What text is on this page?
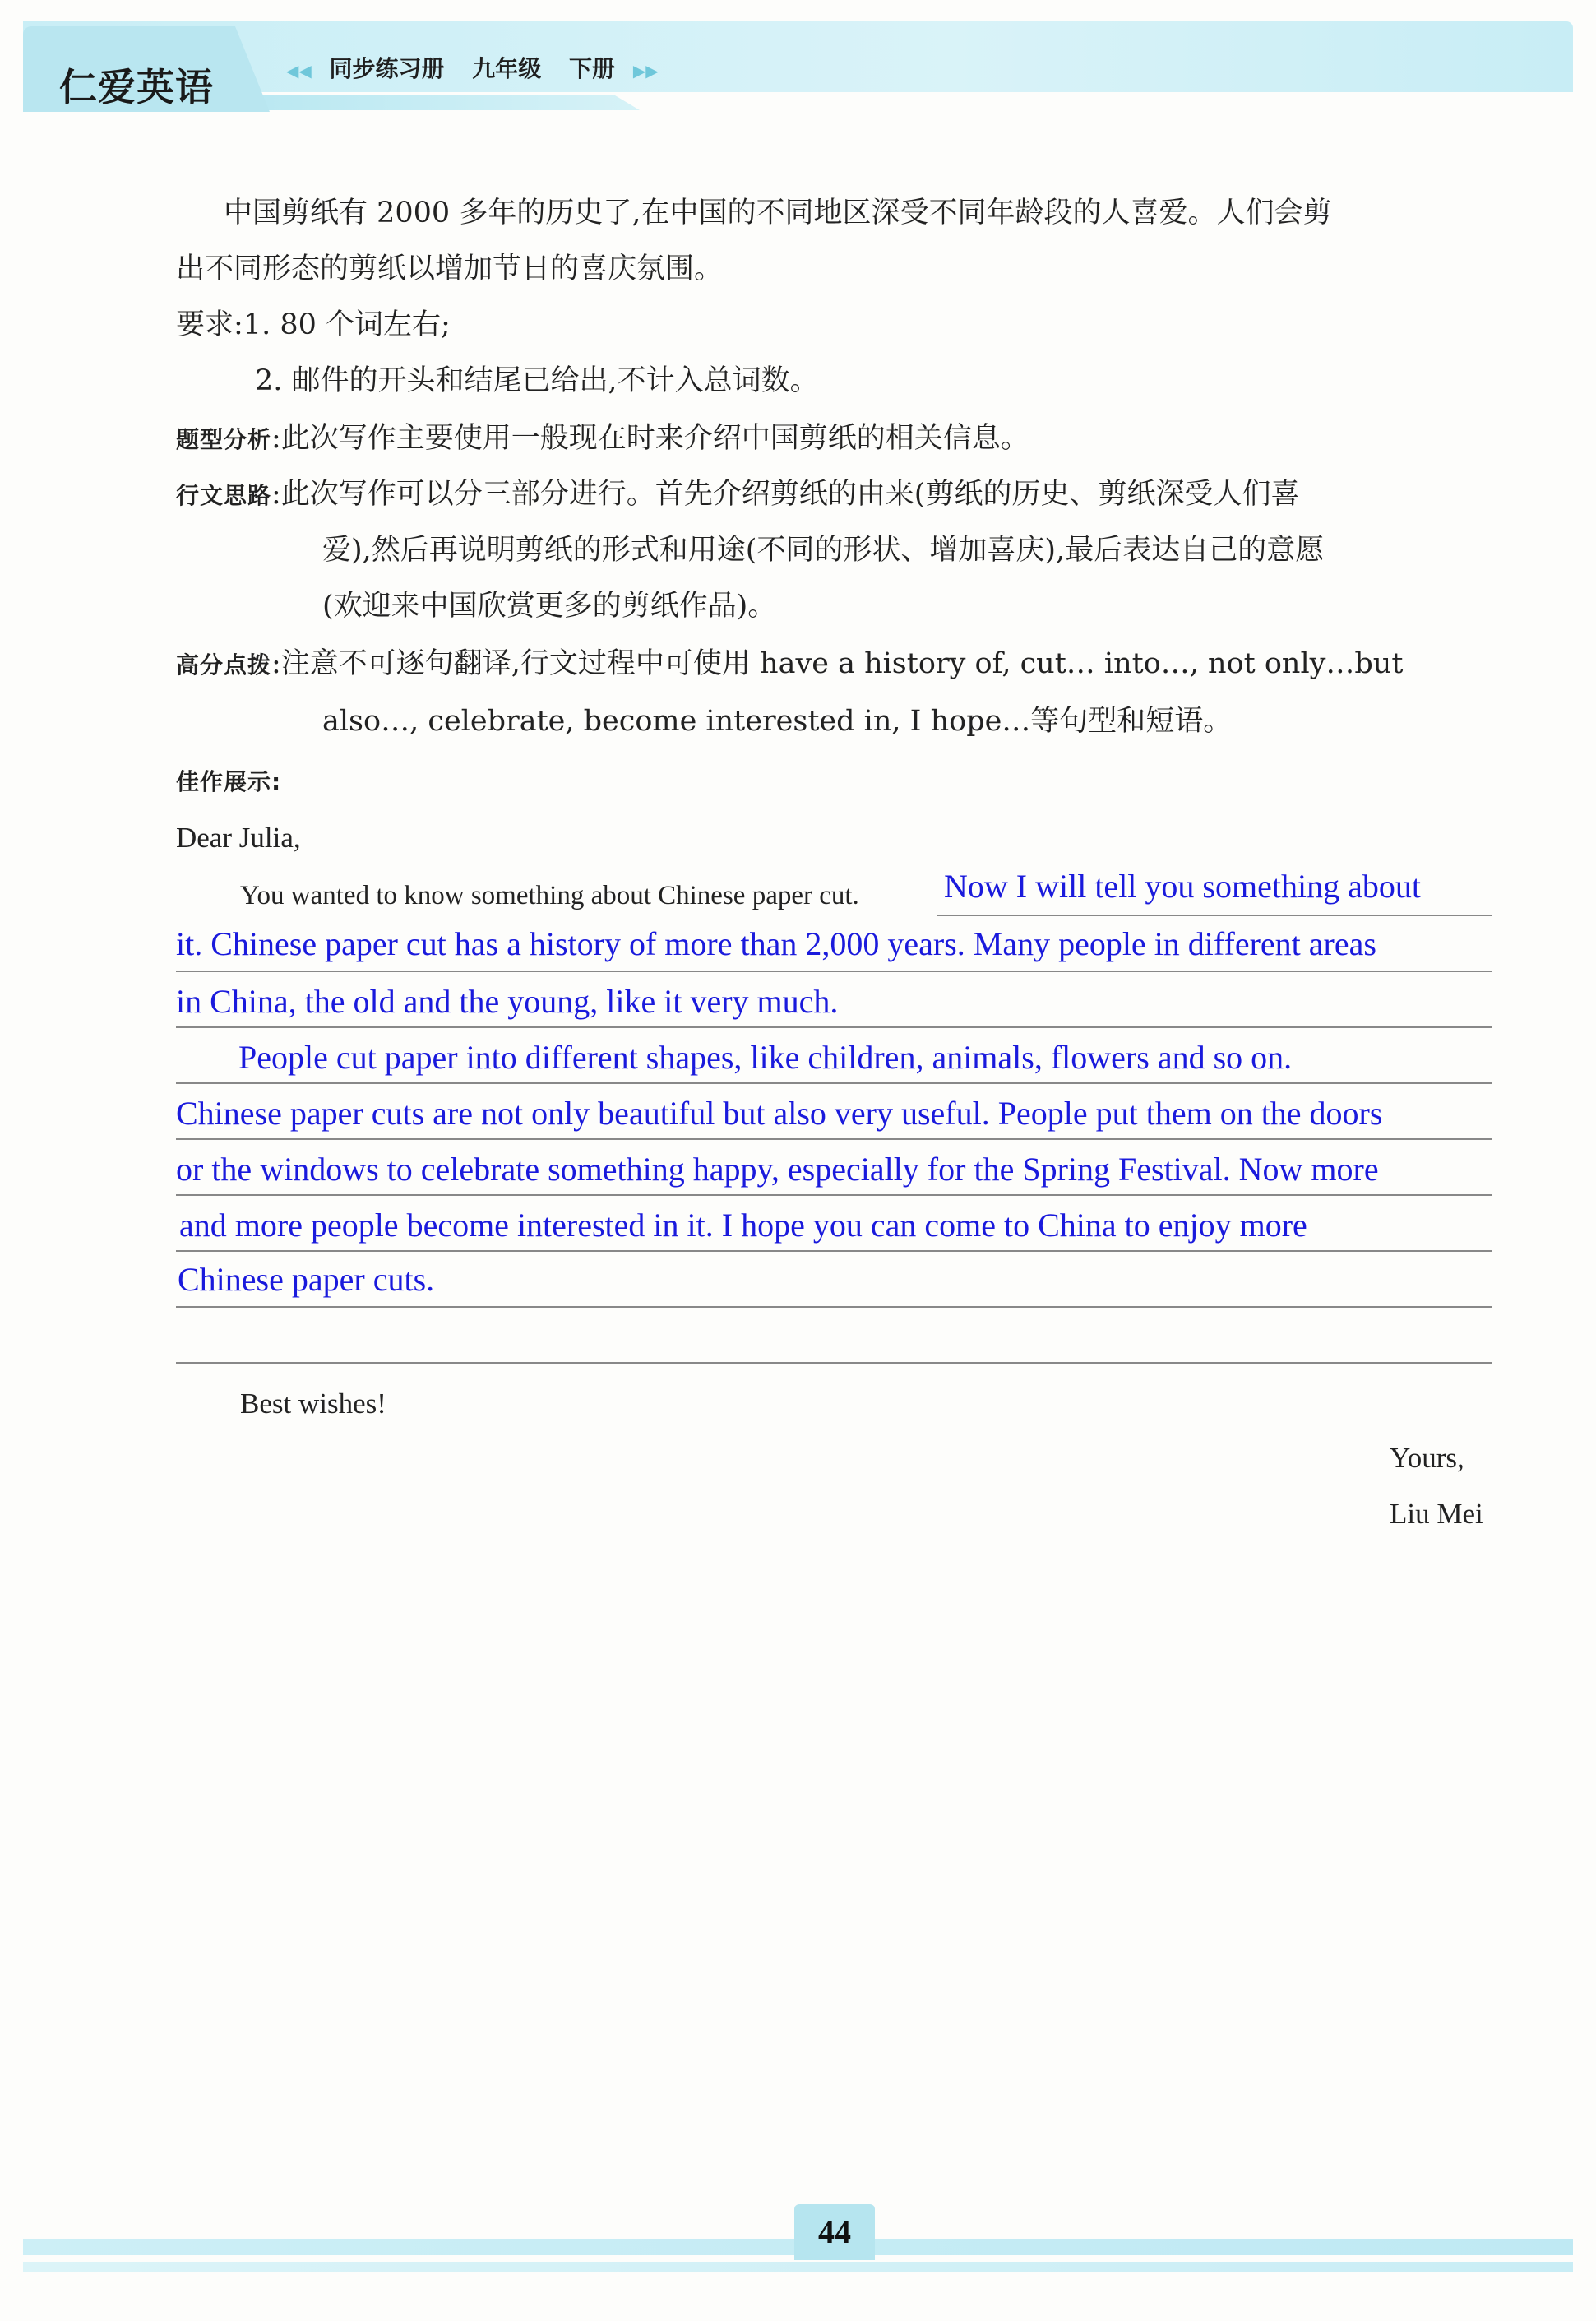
仁爱英语	◀◀ 同步练习册 九年级 下册 ▶▶
中国剪纸有 2000 多年的历史了,在中国的不同地区深受不同年龄段的人喜爱。人们会剪
出不同形态的剪纸以增加节日的喜庆氛围。
要求:1. 80 个词左右;
2. 邮件的开头和结尾已给出,不计入总词数。
题型分析:此次写作主要使用一般现在时来介绍中国剪纸的相关信息。
行文思路:此次写作可以分三部分进行。首先介绍剪纸的由来(剪纸的历史、剪纸深受人们喜
爱),然后再说明剪纸的形式和用途(不同的形状、增加喜庆),最后表达自己的意愿
(欢迎来中国欣赏更多的剪纸作品)。
高分点拨:注意不可逐句翻译,行文过程中可使用 have a history of, cut… into…, not only…but
also…, celebrate, become interested in, I hope…等句型和短语。
佳作展示:
Dear Julia,
You wanted to know something about Chinese paper cut.	Now I will tell you something about
it. Chinese paper cut has a history of more than 2,000 years. Many people in different areas
in China, the old and the young, like it very much.
People cut paper into different shapes, like children, animals, flowers and so on.
Chinese paper cuts are not only beautiful but also very useful. People put them on the doors
or the windows to celebrate something happy, especially for the Spring Festival. Now more
and more people become interested in it. I hope you can come to China to enjoy more
Chinese paper cuts.
Best wishes!
Yours,
Liu Mei
44
